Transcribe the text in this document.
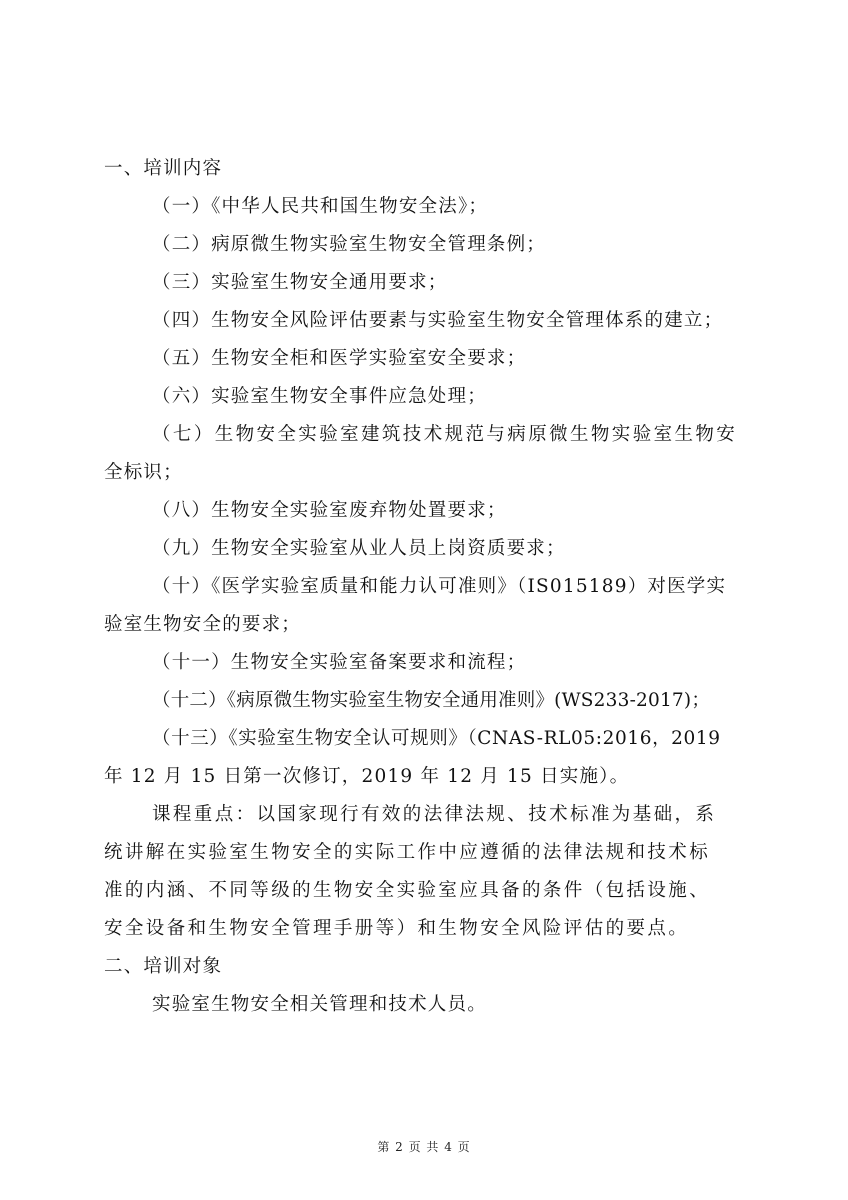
一、培训内容
（一）《中华人民共和国生物安全法》；
（二）病原微生物实验室生物安全管理条例；
（三）实验室生物安全通用要求；
（四）生物安全风险评估要素与实验室生物安全管理体系的建立；
（五）生物安全柜和医学实验室安全要求；
（六）实验室生物安全事件应急处理；
（七）生物安全实验室建筑技术规范与病原微生物实验室生物安
全标识；
（八）生物安全实验室废弃物处置要求；
（九）生物安全实验室从业人员上岗资质要求；
（十）《医学实验室质量和能力认可准则》（IS015189）对医学实
验室生物安全的要求；
（十一）生物安全实验室备案要求和流程；
（十二）《病原微生物实验室生物安全通用准则》(WS233-2017)；
（十三）《实验室生物安全认可规则》（CNAS-RL05:2016，2019
年 12 月 15 日第一次修订，2019 年 12 月 15 日实施）。
课程重点：以国家现行有效的法律法规、技术标准为基础，系
统讲解在实验室生物安全的实际工作中应遵循的法律法规和技术标
准的内涵、不同等级的生物安全实验室应具备的条件（包括设施、
安全设备和生物安全管理手册等）和生物安全风险评估的要点。
二、培训对象
实验室生物安全相关管理和技术人员。
第 2 页 共 4 页
